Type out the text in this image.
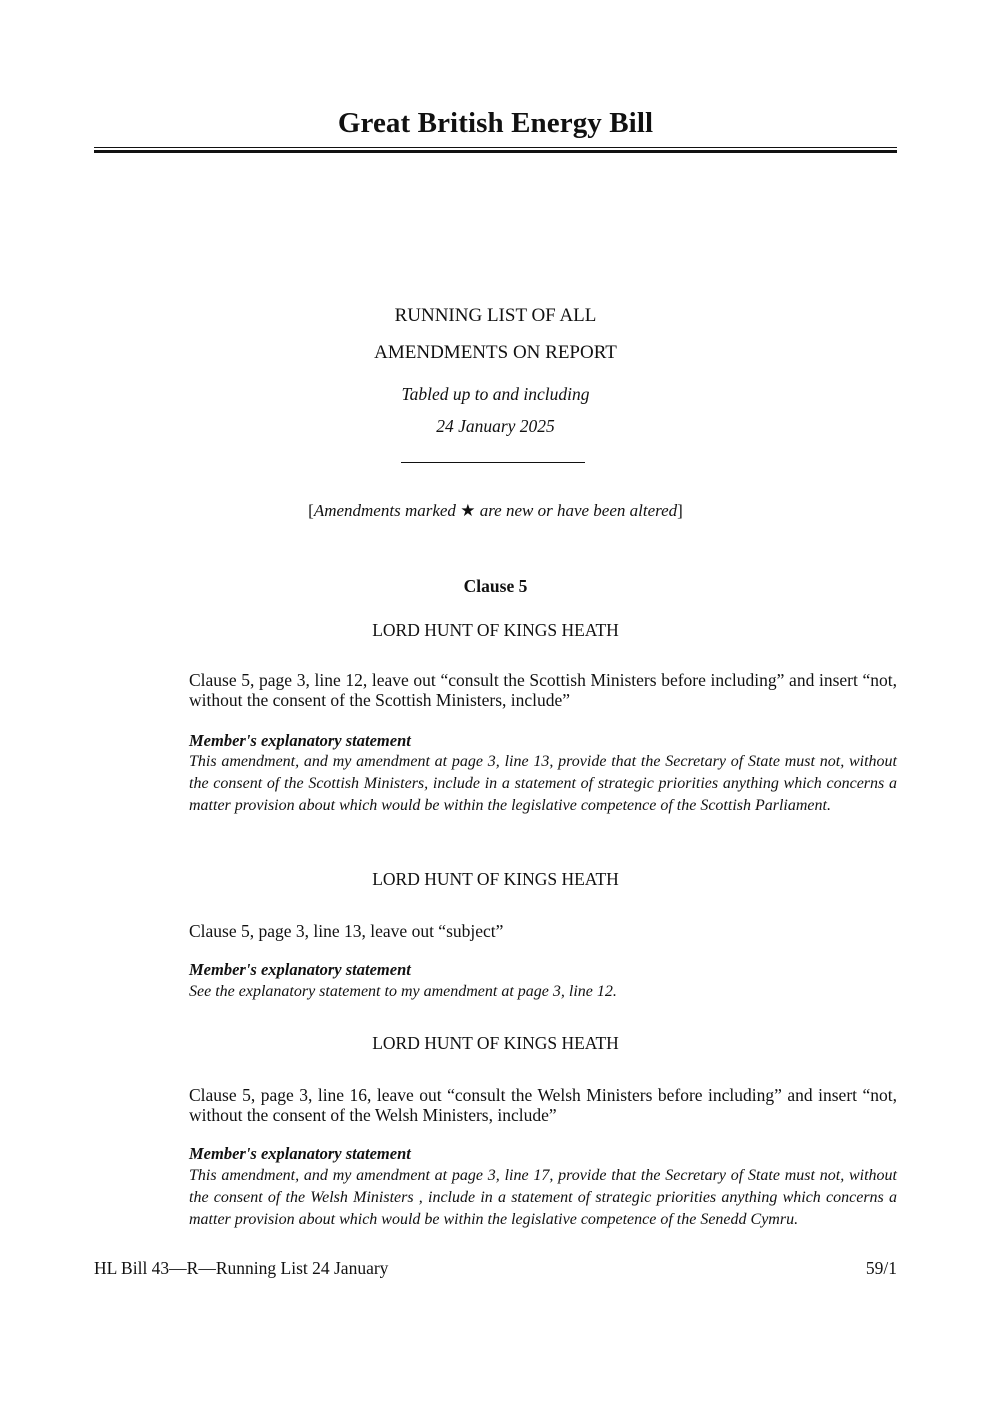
Great British Energy Bill
RUNNING LIST OF ALL
AMENDMENTS ON REPORT
Tabled up to and including
24 January 2025
[Amendments marked ★ are new or have been altered]
Clause 5
LORD HUNT OF KINGS HEATH
Clause 5, page 3, line 12, leave out “consult the Scottish Ministers before including” and insert “not, without the consent of the Scottish Ministers, include”
Member's explanatory statement
This amendment, and my amendment at page 3, line 13, provide that the Secretary of State must not, without the consent of the Scottish Ministers, include in a statement of strategic priorities anything which concerns a matter provision about which would be within the legislative competence of the Scottish Parliament.
LORD HUNT OF KINGS HEATH
Clause 5, page 3, line 13, leave out “subject”
Member's explanatory statement
See the explanatory statement to my amendment at page 3, line 12.
LORD HUNT OF KINGS HEATH
Clause 5, page 3, line 16, leave out “consult the Welsh Ministers before including” and insert “not, without the consent of the Welsh Ministers, include”
Member's explanatory statement
This amendment, and my amendment at page 3, line 17, provide that the Secretary of State must not, without the consent of the Welsh Ministers , include in a statement of strategic priorities anything which concerns a matter provision about which would be within the legislative competence of the Senedd Cymru.
HL Bill 43—R—Running List 24 January	59/1
